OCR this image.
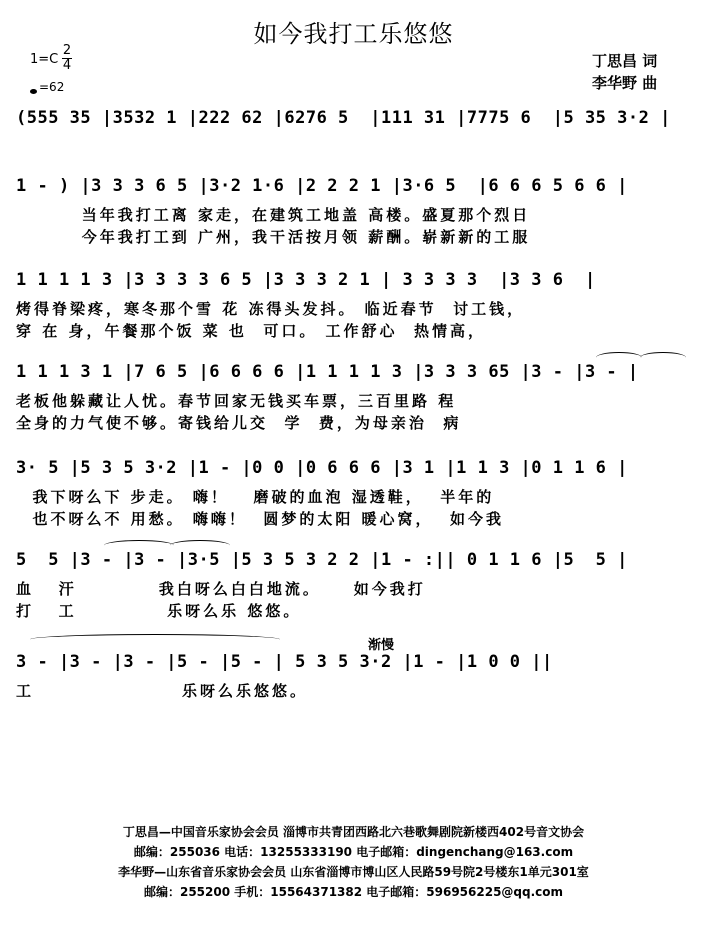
如今我打工乐悠悠
丁思昌 词
李华野 曲
1=C
2
4
=62
(555 35 |3532 1 |222 62 |6276 5  |111 31 |7775 6  |5 35 3·2 |
1 - ) |3 3 3 6 5 |3·2 1·6 |2 2 2 1 |3·6 5  |6 6 6 5 6 6 |
当年我打工离 家走，在建筑工地盖 高楼。盛夏那个烈日
今年我打工到 广州，我干活按月领 薪酬。崭新新的工服
1 1 1 1 3 |3 3 3 3 6 5 |3 3 3 2 1 | 3 3 3 3  |3 3 6  |
烤得脊梁疼，寒冬那个雪 花 冻得头发抖。 临近春节  讨工钱，
穿 在 身，午餐那个饭 菜 也  可口。 工作舒心  热情高，
1 1 1 3 1 |7 6 5 |6 6 6 6 |1 1 1 1 3 |3 3 3 65 |3 - |3 - |
老板他躲藏让人忧。春节回家无钱买车票，三百里路 程
全身的力气使不够。寄钱给儿交  学  费，为母亲治  病
3· 5 |5 3 5 3·2 |1 - |0 0 |0 6 6 6 |3 1 |1 1 3 |0 1 1 6 |
我下呀么下 步走。 嗨！   磨破的血泡 湿透鞋，  半年的
也不呀么不 用愁。 嗨嗨！  圆梦的太阳 暖心窝，  如今我
5  5 |3 - |3 - |3·5 |5 3 5 3 2 2 |1 - :|| 0 1 1 6 |5  5 |
血   汗          我白呀么白白地流。    如今我打
打   工           乐呀么乐 悠悠。
3 - |3 - |3 - |5 - |5 - | 5 3 5 3·2 |1 - |1 0 0 ||
工                  乐呀么乐悠悠。
渐慢
丁思昌—中国音乐家协会会员 淄博市共青团西路北六巷歌舞剧院新楼西402号音文协会
邮编：255036 电话：13255333190 电子邮箱：dingenchang@163.com
李华野—山东省音乐家协会会员 山东省淄博市博山区人民路59号院2号楼东1单元301室
邮编：255200 手机：15564371382 电子邮箱：596956225@qq.com
